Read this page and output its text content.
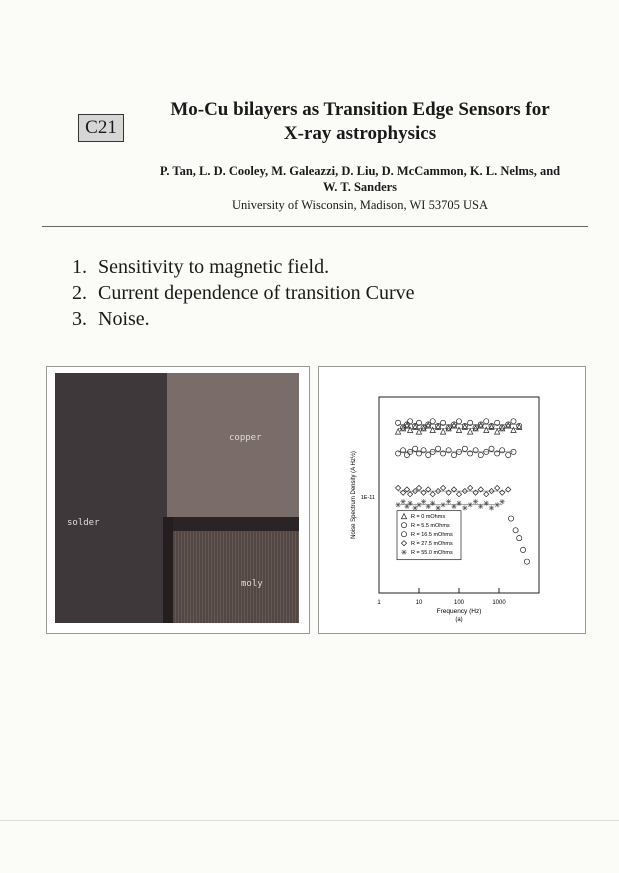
C21
Mo-Cu bilayers as Transition Edge Sensors for
X-ray astrophysics
P. Tan, L. D. Cooley, M. Galeazzi, D. Liu, D. McCammon, K. L. Nelms, and
W. T. Sanders
University of Wisconsin, Madison, WI 53705 USA
1. Sensitivity to magnetic field.
2. Current dependence of transition Curve
3. Noise.
copper
solder
moly
1	10	100	1000
1E-11
Frequency (Hz)
(a)
Noise Spectrum Density (A Hz½)	R = 0 mOhms
R = 5.5 mOhms
R = 16.5 mOhms
R = 27.5 mOhms
R = 55.0 mOhms
